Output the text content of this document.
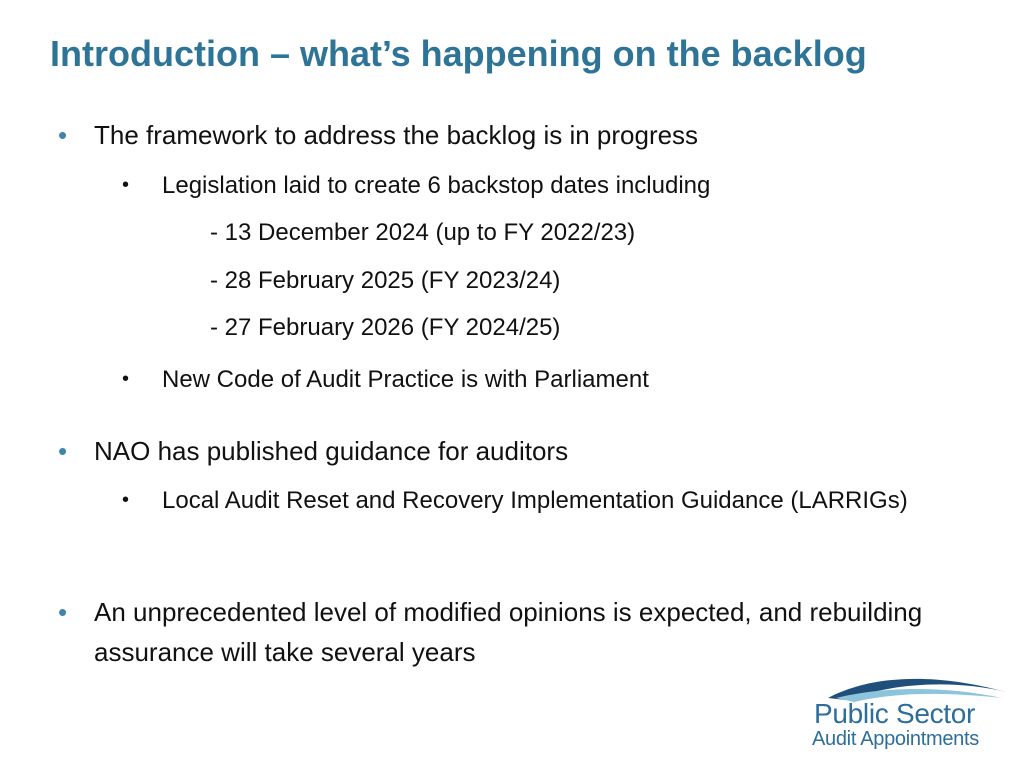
Introduction – what’s happening on the backlog
• The framework to address the backlog is in progress
• Legislation laid to create 6 backstop dates including
- 13 December 2024 (up to FY 2022/23)
- 28 February 2025 (FY 2023/24)
- 27 February 2026 (FY 2024/25)
• New Code of Audit Practice is with Parliament
• NAO has published guidance for auditors
• Local Audit Reset and Recovery Implementation Guidance (LARRIGs)
• An unprecedented level of modified opinions is expected, and rebuilding assurance will take several years
Public Sector
Audit Appointments
